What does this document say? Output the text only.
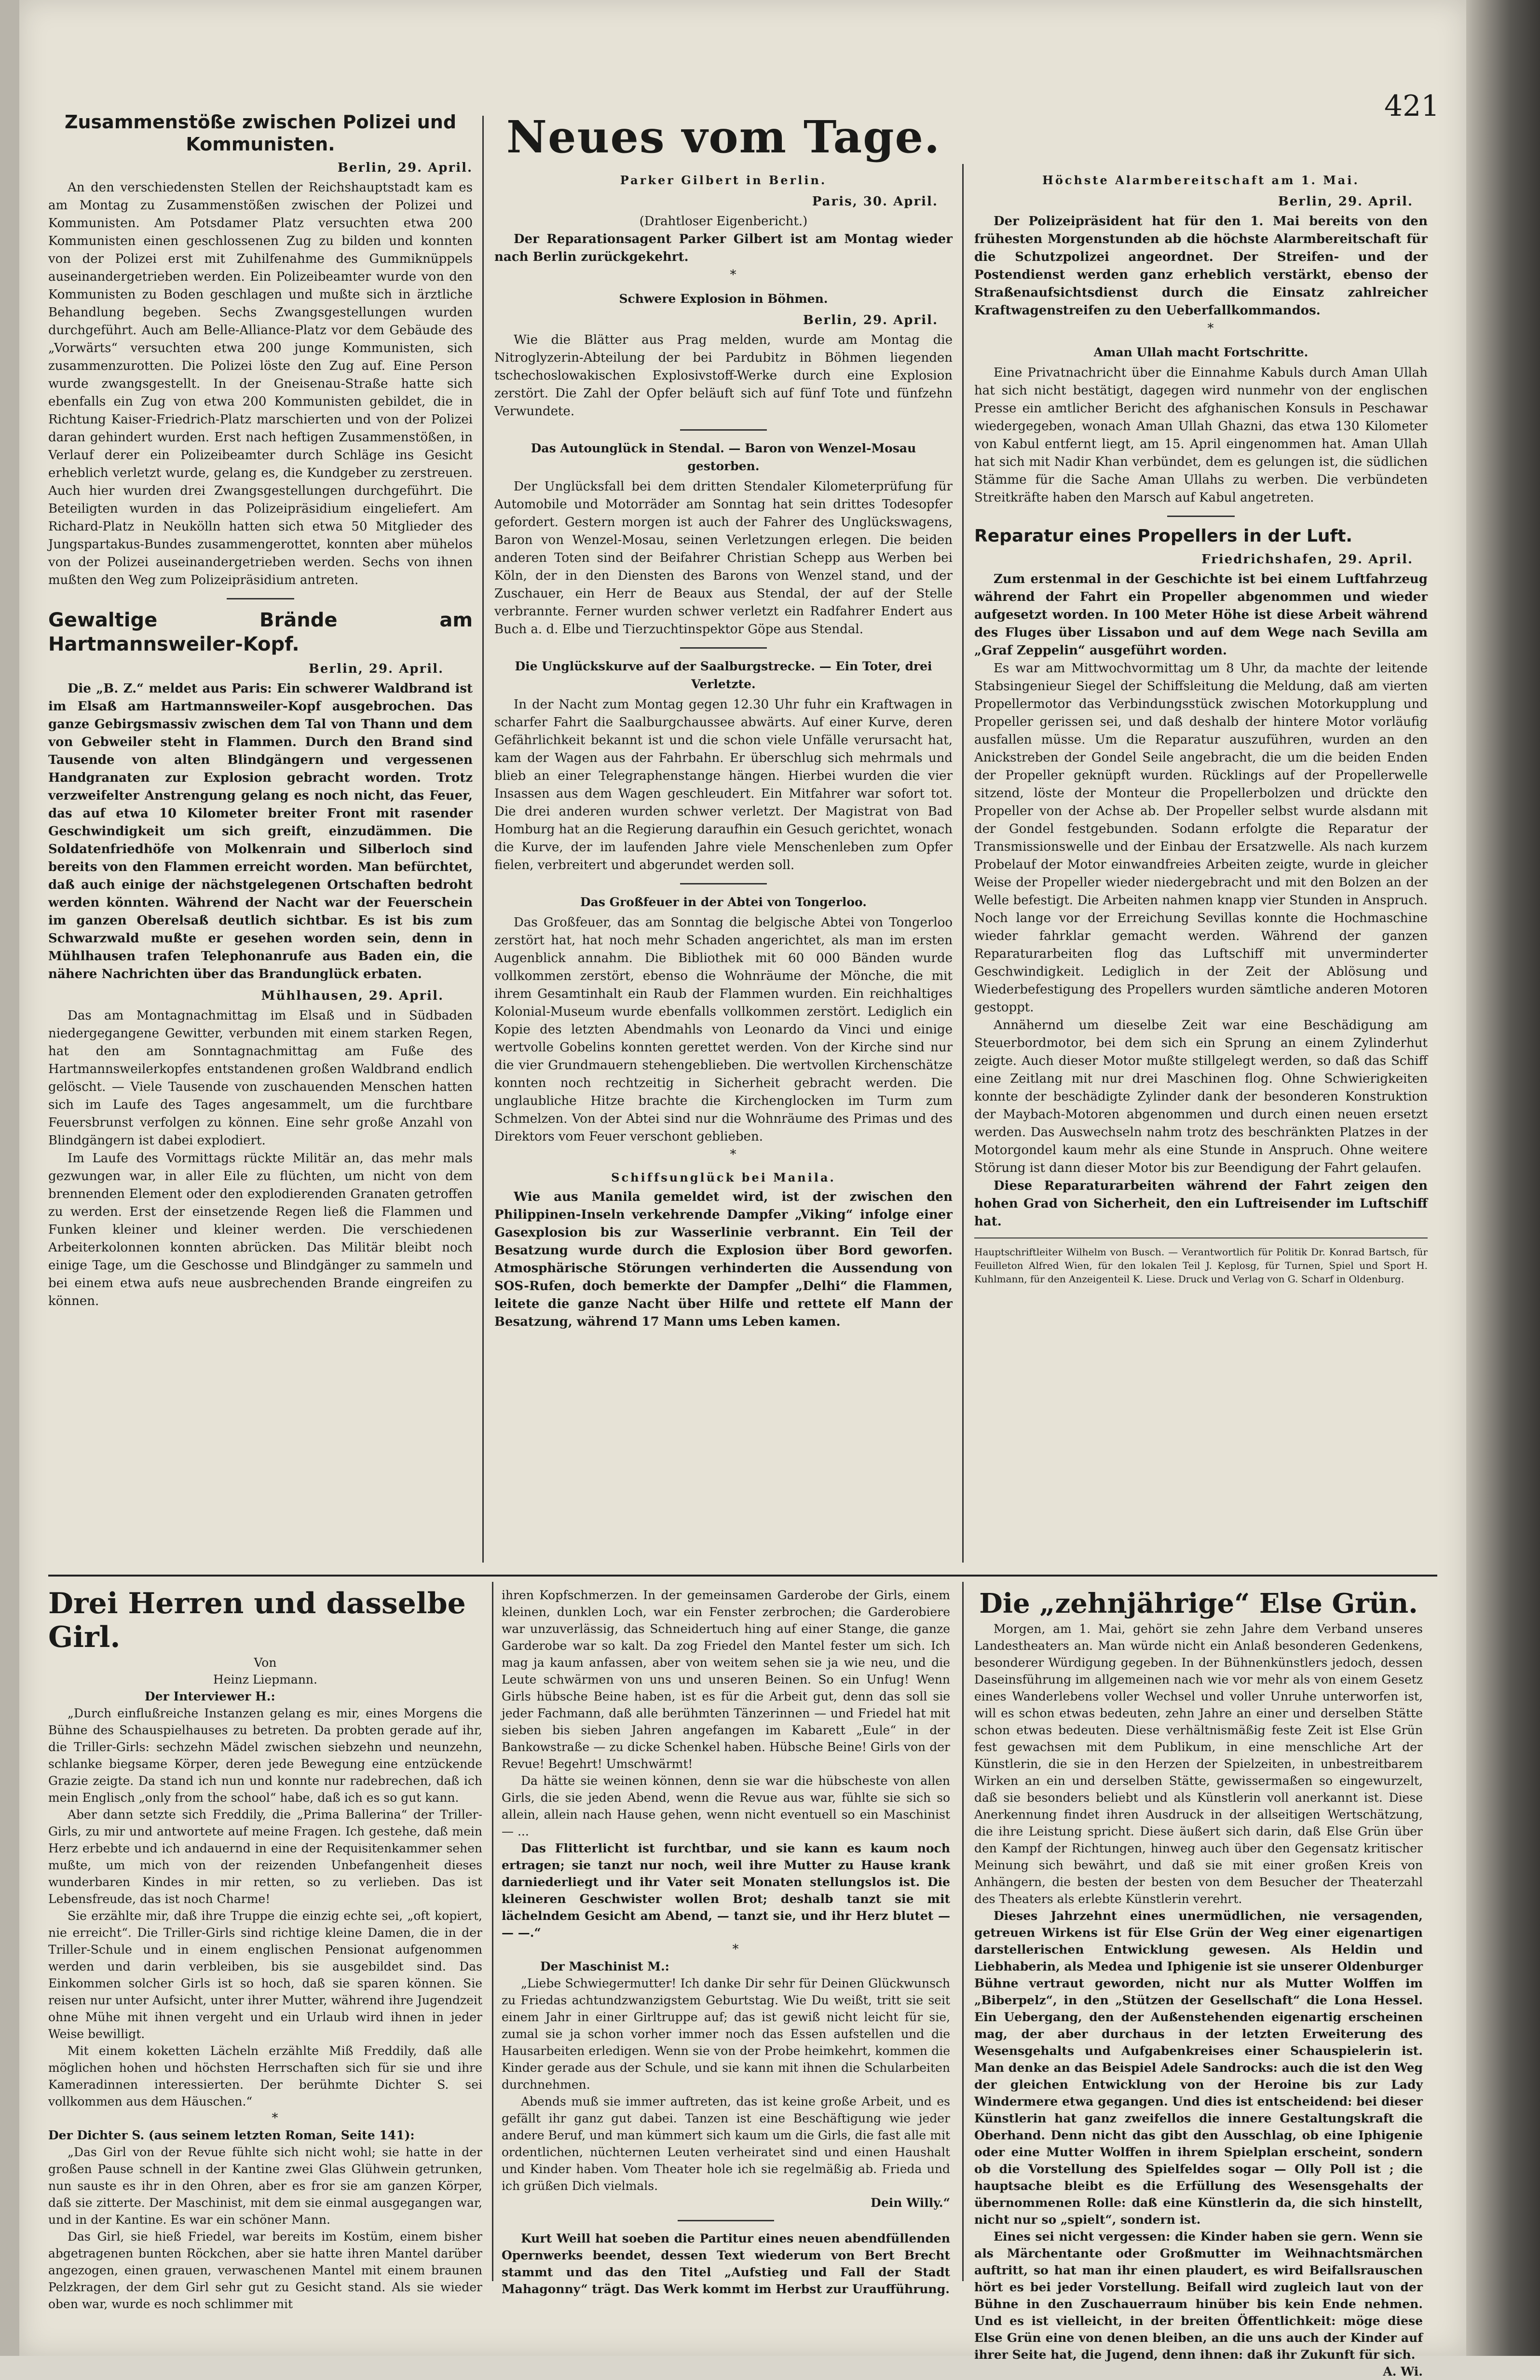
421
Zusammenstöße zwischen Polizei und Kommunisten.

Berlin, 29. April.

An den verschiedensten Stellen der Reichshauptstadt kam es am Montag zu Zusammenstößen zwischen der Polizei und Kommunisten. Am Potsdamer Platz versuchten etwa 200 Kommunisten einen geschlossenen Zug zu bilden und konnten von der Polizei erst mit Zuhilfenahme des Gummiknüppels auseinandergetrieben werden. Ein Polizeibeamter wurde von den Kommunisten zu Boden geschlagen und mußte sich in ärztliche Behandlung begeben. Sechs Zwangsgestellungen wurden durchgeführt. Auch am Belle-Alliance-Platz vor dem Gebäude des „Vorwärts“ versuchten etwa 200 junge Kommunisten, sich zusammenzurotten. Die Polizei löste den Zug auf. Eine Person wurde zwangsgestellt. In der Gneisenau-Straße hatte sich ebenfalls ein Zug von etwa 200 Kommunisten gebildet, die in Richtung Kaiser-Friedrich-Platz marschierten und von der Polizei daran gehindert wurden. Erst nach heftigen Zusammenstößen, in Verlauf derer ein Polizeibeamter durch Schläge ins Gesicht erheblich verletzt wurde, gelang es, die Kundgeber zu zerstreuen. Auch hier wurden drei Zwangsgestellungen durchgeführt. Die Beteiligten wurden in das Polizeipräsidium eingeliefert. Am Richard-Platz in Neukölln hatten sich etwa 50 Mitglieder des Jungspartakus-Bundes zusammengerottet, konnten aber mühelos von der Polizei auseinandergetrieben werden. Sechs von ihnen mußten den Weg zum Polizeipräsidium antreten.

Gewaltige Brände am Hartmannsweiler-Kopf.

Berlin, 29. April.

Die „B. Z.“ meldet aus Paris: Ein schwerer Waldbrand ist im Elsaß am Hartmannsweiler-Kopf ausgebrochen. Das ganze Gebirgsmassiv zwischen dem Tal von Thann und dem von Gebweiler steht in Flammen. Durch den Brand sind Tausende von alten Blindgängern und vergessenen Handgranaten zur Explosion gebracht worden. Trotz verzweifelter Anstrengung gelang es noch nicht, das Feuer, das auf etwa 10 Kilometer breiter Front mit rasender Geschwindigkeit um sich greift, einzudämmen. Die Soldatenfriedhöfe von Molkenrain und Silberloch sind bereits von den Flammen erreicht worden. Man befürchtet, daß auch einige der nächstgelegenen Ortschaften bedroht werden könnten. Während der Nacht war der Feuerschein im ganzen Oberelsaß deutlich sichtbar. Es ist bis zum Schwarzwald mußte er gesehen worden sein, denn in Mühlhausen trafen Telephonanrufe aus Baden ein, die nähere Nachrichten über das Brandunglück erbaten.

Mühlhausen, 29. April.

Das am Montagnachmittag im Elsaß und in Südbaden niedergegangene Gewitter, verbunden mit einem starken Regen, hat den am Sonntagnachmittag am Fuße des Hartmannsweilerkopfes entstandenen großen Waldbrand endlich gelöscht. — Viele Tausende von zuschauenden Menschen hatten sich im Laufe des Tages angesammelt, um die furchtbare Feuersbrunst verfolgen zu können. Eine sehr große Anzahl von Blindgängern ist dabei explodiert.

Im Laufe des Vormittags rückte Militär an, das mehr mals gezwungen war, in aller Eile zu flüchten, um nicht von dem brennenden Element oder den explodierenden Granaten getroffen zu werden. Erst der einsetzende Regen ließ die Flammen und Funken kleiner und kleiner werden. Die verschiedenen Arbeiterkolonnen konnten abrücken. Das Militär bleibt noch einige Tage, um die Geschosse und Blindgänger zu sammeln und bei einem etwa aufs neue ausbrechenden Brande eingreifen zu können.

Neues vom Tage.

Parker Gilbert in Berlin.

Paris, 30. April.

(Drahtloser Eigenbericht.)

Der Reparationsagent Parker Gilbert ist am Montag wieder nach Berlin zurückgekehrt.

*

Schwere Explosion in Böhmen.

Berlin, 29. April.

Wie die Blätter aus Prag melden, wurde am Montag die Nitroglyzerin-Abteilung der bei Pardubitz in Böhmen liegenden tschechoslowakischen Explosivstoff-Werke durch eine Explosion zerstört. Die Zahl der Opfer beläuft sich auf fünf Tote und fünfzehn Verwundete.

Das Autounglück in Stendal. — Baron von Wenzel-Mosau gestorben.

Der Unglücksfall bei dem dritten Stendaler Kilometerprüfung für Automobile und Motorräder am Sonntag hat sein drittes Todesopfer gefordert. Gestern morgen ist auch der Fahrer des Unglückswagens, Baron von Wenzel-Mosau, seinen Verletzungen erlegen. Die beiden anderen Toten sind der Beifahrer Christian Schepp aus Werben bei Köln, der in den Diensten des Barons von Wenzel stand, und der Zuschauer, ein Herr de Beaux aus Stendal, der auf der Stelle verbrannte. Ferner wurden schwer verletzt ein Radfahrer Endert aus Buch a. d. Elbe und Tierzuchtinspektor Göpe aus Stendal.

Die Unglückskurve auf der Saalburgstrecke. — Ein Toter, drei Verletzte.

In der Nacht zum Montag gegen 12.30 Uhr fuhr ein Kraftwagen in scharfer Fahrt die Saalburgchaussee abwärts. Auf einer Kurve, deren Gefährlichkeit bekannt ist und die schon viele Unfälle verursacht hat, kam der Wagen aus der Fahrbahn. Er überschlug sich mehrmals und blieb an einer Telegraphenstange hängen. Hierbei wurden die vier Insassen aus dem Wagen geschleudert. Ein Mitfahrer war sofort tot. Die drei anderen wurden schwer verletzt. Der Magistrat von Bad Homburg hat an die Regierung daraufhin ein Gesuch gerichtet, wonach die Kurve, der im laufenden Jahre viele Menschenleben zum Opfer fielen, verbreitert und abgerundet werden soll.

Das Großfeuer in der Abtei von Tongerloo.

Das Großfeuer, das am Sonntag die belgische Abtei von Tongerloo zerstört hat, hat noch mehr Schaden angerichtet, als man im ersten Augenblick annahm. Die Bibliothek mit 60 000 Bänden wurde vollkommen zerstört, ebenso die Wohnräume der Mönche, die mit ihrem Gesamtinhalt ein Raub der Flammen wurden. Ein reichhaltiges Kolonial-Museum wurde ebenfalls vollkommen zerstört. Lediglich ein Kopie des letzten Abendmahls von Leonardo da Vinci und einige wertvolle Gobelins konnten gerettet werden. Von der Kirche sind nur die vier Grundmauern stehengeblieben. Die wertvollen Kirchenschätze konnten noch rechtzeitig in Sicherheit gebracht werden. Die unglaubliche Hitze brachte die Kirchenglocken im Turm zum Schmelzen. Von der Abtei sind nur die Wohnräume des Primas und des Direktors vom Feuer verschont geblieben.

*

Schiffsunglück bei Manila.

Wie aus Manila gemeldet wird, ist der zwischen den Philippinen-Inseln verkehrende Dampfer „Viking“ infolge einer Gasexplosion bis zur Wasserlinie verbrannt. Ein Teil der Besatzung wurde durch die Explosion über Bord geworfen. Atmosphärische Störungen verhinderten die Aussendung von SOS-Rufen, doch bemerkte der Dampfer „Delhi“ die Flammen, leitete die ganze Nacht über Hilfe und rettete elf Mann der Besatzung, während 17 Mann ums Leben kamen.

Höchste Alarmbereitschaft am 1. Mai.

Berlin, 29. April.

Der Polizeipräsident hat für den 1. Mai bereits von den frühesten Morgenstunden ab die höchste Alarmbereitschaft für die Schutzpolizei angeordnet. Der Streifen- und der Postendienst werden ganz erheblich verstärkt, ebenso der Straßenaufsichtsdienst durch die Einsatz zahlreicher Kraftwagenstreifen zu den Ueberfallkommandos.

*

Aman Ullah macht Fortschritte.

Eine Privatnachricht über die Einnahme Kabuls durch Aman Ullah hat sich nicht bestätigt, dagegen wird nunmehr von der englischen Presse ein amtlicher Bericht des afghanischen Konsuls in Peschawar wiedergegeben, wonach Aman Ullah Ghazni, das etwa 130 Kilometer von Kabul entfernt liegt, am 15. April eingenommen hat. Aman Ullah hat sich mit Nadir Khan verbündet, dem es gelungen ist, die südlichen Stämme für die Sache Aman Ullahs zu werben. Die verbündeten Streitkräfte haben den Marsch auf Kabul angetreten.

Reparatur eines Propellers in der Luft.

Friedrichshafen, 29. April.

Zum erstenmal in der Geschichte ist bei einem Luftfahrzeug während der Fahrt ein Propeller abgenommen und wieder aufgesetzt worden. In 100 Meter Höhe ist diese Arbeit während des Fluges über Lissabon und auf dem Wege nach Sevilla am „Graf Zeppelin“ ausgeführt worden.

Es war am Mittwochvormittag um 8 Uhr, da machte der leitende Stabsingenieur Siegel der Schiffsleitung die Meldung, daß am vierten Propellermotor das Verbindungsstück zwischen Motorkupplung und Propeller gerissen sei, und daß deshalb der hintere Motor vorläufig ausfallen müsse. Um die Reparatur auszuführen, wurden an den Anickstreben der Gondel Seile angebracht, die um die beiden Enden der Propeller geknüpft wurden. Rücklings auf der Propellerwelle sitzend, löste der Monteur die Propellerbolzen und drückte den Propeller von der Achse ab. Der Propeller selbst wurde alsdann mit der Gondel festgebunden. Sodann erfolgte die Reparatur der Transmissionswelle und der Einbau der Ersatzwelle. Als nach kurzem Probelauf der Motor einwandfreies Arbeiten zeigte, wurde in gleicher Weise der Propeller wieder niedergebracht und mit den Bolzen an der Welle befestigt. Die Arbeiten nahmen knapp vier Stunden in Anspruch. Noch lange vor der Erreichung Sevillas konnte die Hochmaschine wieder fahrklar gemacht werden. Während der ganzen Reparaturarbeiten flog das Luftschiff mit unverminderter Geschwindigkeit. Lediglich in der Zeit der Ablösung und Wiederbefestigung des Propellers wurden sämtliche anderen Motoren gestoppt.

Annähernd um dieselbe Zeit war eine Beschädigung am Steuerbordmotor, bei dem sich ein Sprung an einem Zylinderhut zeigte. Auch dieser Motor mußte stillgelegt werden, so daß das Schiff eine Zeitlang mit nur drei Maschinen flog. Ohne Schwierigkeiten konnte der beschädigte Zylinder dank der besonderen Konstruktion der Maybach-Motoren abgenommen und durch einen neuen ersetzt werden. Das Auswechseln nahm trotz des beschränkten Platzes in der Motorgondel kaum mehr als eine Stunde in Anspruch. Ohne weitere Störung ist dann dieser Motor bis zur Beendigung der Fahrt gelaufen.

Diese Reparaturarbeiten während der Fahrt zeigen den hohen Grad von Sicherheit, den ein Luftreisender im Luftschiff hat.

Hauptschriftleiter Wilhelm von Busch. — Verantwortlich für Politik Dr. Konrad Bartsch, für Feuilleton Alfred Wien, für den lokalen Teil J. Keplosg, für Turnen, Spiel und Sport H. Kuhlmann, für den Anzeigenteil K. Liese. Druck und Verlag von G. Scharf in Oldenburg.

Drei Herren und dasselbe Girl.

Von

Heinz Liepmann.

Der Interviewer H.:

„Durch einflußreiche Instanzen gelang es mir, eines Morgens die Bühne des Schauspielhauses zu betreten. Da probten gerade auf ihr, die Triller-Girls: sechzehn Mädel zwischen siebzehn und neunzehn, schlanke biegsame Körper, deren jede Bewegung eine entzückende Grazie zeigte. Da stand ich nun und konnte nur radebrechen, daß ich mein Englisch „only from the school“ habe, daß ich es so gut kann.

Aber dann setzte sich Freddily, die „Prima Ballerina“ der Triller-Girls, zu mir und antwortete auf meine Fragen. Ich gestehe, daß mein Herz erbebte und ich andauernd in eine der Requisitenkammer sehen mußte, um mich von der reizenden Unbefangenheit dieses wunderbaren Kindes in mir retten, so zu verlieben. Das ist Lebensfreude, das ist noch Charme!

Sie erzählte mir, daß ihre Truppe die einzig echte sei, „oft kopiert, nie erreicht“. Die Triller-Girls sind richtige kleine Damen, die in der Triller-Schule und in einem englischen Pensionat aufgenommen werden und darin verbleiben, bis sie ausgebildet sind. Das Einkommen solcher Girls ist so hoch, daß sie sparen können. Sie reisen nur unter Aufsicht, unter ihrer Mutter, während ihre Jugendzeit ohne Mühe mit ihnen vergeht und ein Urlaub wird ihnen in jeder Weise bewilligt.

Mit einem koketten Lächeln erzählte Miß Freddily, daß alle möglichen hohen und höchsten Herrschaften sich für sie und ihre Kameradinnen interessierten. Der berühmte Dichter S. sei vollkommen aus dem Häuschen.“

*

Der Dichter S. (aus seinem letzten Roman, Seite 141):

„Das Girl von der Revue fühlte sich nicht wohl; sie hatte in der großen Pause schnell in der Kantine zwei Glas Glühwein getrunken, nun sauste es ihr in den Ohren, aber es fror sie am ganzen Körper, daß sie zitterte. Der Maschinist, mit dem sie einmal ausgegangen war, und in der Kantine. Es war ein schöner Mann.

Das Girl, sie hieß Friedel, war bereits im Kostüm, einem bisher abgetragenen bunten Röckchen, aber sie hatte ihren Mantel darüber angezogen, einen grauen, verwaschenen Mantel mit einem braunen Pelzkragen, der dem Girl sehr gut zu Gesicht stand. Als sie wieder oben war, wurde es noch schlimmer mit

ihren Kopfschmerzen. In der gemeinsamen Garderobe der Girls, einem kleinen, dunklen Loch, war ein Fenster zerbrochen; die Garderobiere war unzuverlässig, das Schneidertuch hing auf einer Stange, die ganze Garderobe war so kalt. Da zog Friedel den Mantel fester um sich. Ich mag ja kaum anfassen, aber von weitem sehen sie ja wie neu, und die Leute schwärmen von uns und unseren Beinen. So ein Unfug! Wenn Girls hübsche Beine haben, ist es für die Arbeit gut, denn das soll sie jeder Fachmann, daß alle berühmten Tänzerinnen — und Friedel hat mit sieben bis sieben Jahren angefangen im Kabarett „Eule“ in der Bankowstraße — zu dicke Schenkel haben. Hübsche Beine! Girls von der Revue! Begehrt! Umschwärmt!

Da hätte sie weinen können, denn sie war die hübscheste von allen Girls, die sie jeden Abend, wenn die Revue aus war, fühlte sie sich so allein, allein nach Hause gehen, wenn nicht eventuell so ein Maschinist — ...

Das Flitterlicht ist furchtbar, und sie kann es kaum noch ertragen; sie tanzt nur noch, weil ihre Mutter zu Hause krank darniederliegt und ihr Vater seit Monaten stellungslos ist. Die kleineren Geschwister wollen Brot; deshalb tanzt sie mit lächelndem Gesicht am Abend, — tanzt sie, und ihr Herz blutet — — —.“

*

Der Maschinist M.:

„Liebe Schwiegermutter! Ich danke Dir sehr für Deinen Glückwunsch zu Friedas achtundzwanzigstem Geburtstag. Wie Du weißt, tritt sie seit einem Jahr in einer Girltruppe auf; das ist gewiß nicht leicht für sie, zumal sie ja schon vorher immer noch das Essen aufstellen und die Hausarbeiten erledigen. Wenn sie von der Probe heimkehrt, kommen die Kinder gerade aus der Schule, und sie kann mit ihnen die Schularbeiten durchnehmen.

Abends muß sie immer auftreten, das ist keine große Arbeit, und es gefällt ihr ganz gut dabei. Tanzen ist eine Beschäftigung wie jeder andere Beruf, und man kümmert sich kaum um die Girls, die fast alle mit ordentlichen, nüchternen Leuten verheiratet sind und einen Haushalt und Kinder haben. Vom Theater hole ich sie regelmäßig ab. Frieda und ich grüßen Dich vielmals.

Dein Willy.“

Kurt Weill hat soeben die Partitur eines neuen abendfüllenden Opernwerks beendet, dessen Text wiederum von Bert Brecht stammt und das den Titel „Aufstieg und Fall der Stadt Mahagonny“ trägt. Das Werk kommt im Herbst zur Uraufführung.

Die „zehnjährige“ Else Grün.

Morgen, am 1. Mai, gehört sie zehn Jahre dem Verband unseres Landestheaters an. Man würde nicht ein Anlaß besonderen Gedenkens, besonderer Würdigung gegeben. In der Bühnenkünstlers jedoch, dessen Daseinsführung im allgemeinen nach wie vor mehr als von einem Gesetz eines Wanderlebens voller Wechsel und voller Unruhe unterworfen ist, will es schon etwas bedeuten, zehn Jahre an einer und derselben Stätte schon etwas bedeuten. Diese verhältnismäßig feste Zeit ist Else Grün fest gewachsen mit dem Publikum, in eine menschliche Art der Künstlerin, die sie in den Herzen der Spielzeiten, in unbestreitbarem Wirken an ein und derselben Stätte, gewissermaßen so eingewurzelt, daß sie besonders beliebt und als Künstlerin voll anerkannt ist. Diese Anerkennung findet ihren Ausdruck in der allseitigen Wertschätzung, die ihre Leistung spricht. Diese äußert sich darin, daß Else Grün über den Kampf der Richtungen, hinweg auch über den Gegensatz kritischer Meinung sich bewährt, und daß sie mit einer großen Kreis von Anhängern, die besten der besten von dem Besucher der Theaterzahl des Theaters als erlebte Künstlerin verehrt.

Dieses Jahrzehnt eines unermüdlichen, nie versagenden, getreuen Wirkens ist für Else Grün der Weg einer eigenartigen darstellerischen Entwicklung gewesen. Als Heldin und Liebhaberin, als Medea und Iphigenie ist sie unserer Oldenburger Bühne vertraut geworden, nicht nur als Mutter Wolffen im „Biberpelz“, in den „Stützen der Gesellschaft“ die Lona Hessel. Ein Uebergang, den der Außenstehenden eigenartig erscheinen mag, der aber durchaus in der letzten Erweiterung des Wesensgehalts und Aufgabenkreises einer Schauspielerin ist. Man denke an das Beispiel Adele Sandrocks: auch die ist den Weg der gleichen Entwicklung von der Heroine bis zur Lady Windermere etwa gegangen. Und dies ist entscheidend: bei dieser Künstlerin hat ganz zweifellos die innere Gestaltungskraft die Oberhand. Denn nicht das gibt den Ausschlag, ob eine Iphigenie oder eine Mutter Wolffen in ihrem Spielplan erscheint, sondern ob die Vorstellung des Spielfeldes sogar — Olly Poll ist ; die hauptsache bleibt es die Erfüllung des Wesensgehalts der übernommenen Rolle: daß eine Künstlerin da, die sich hinstellt, nicht nur so „spielt“, sondern ist.

Eines sei nicht vergessen: die Kinder haben sie gern. Wenn sie als Märchentante oder Großmutter im Weihnachtsmärchen auftritt, so hat man ihr einen plaudert, es wird Beifallsrauschen hört es bei jeder Vorstellung. Beifall wird zugleich laut von der Bühne in den Zuschauerraum hinüber bis kein Ende nehmen. Und es ist vielleicht, in der breiten Öffentlichkeit: möge diese Else Grün eine von denen bleiben, an die uns auch der Kinder auf ihrer Seite hat, die Jugend, denn ihnen: daß ihr Zukunft für sich.

A. Wi.
